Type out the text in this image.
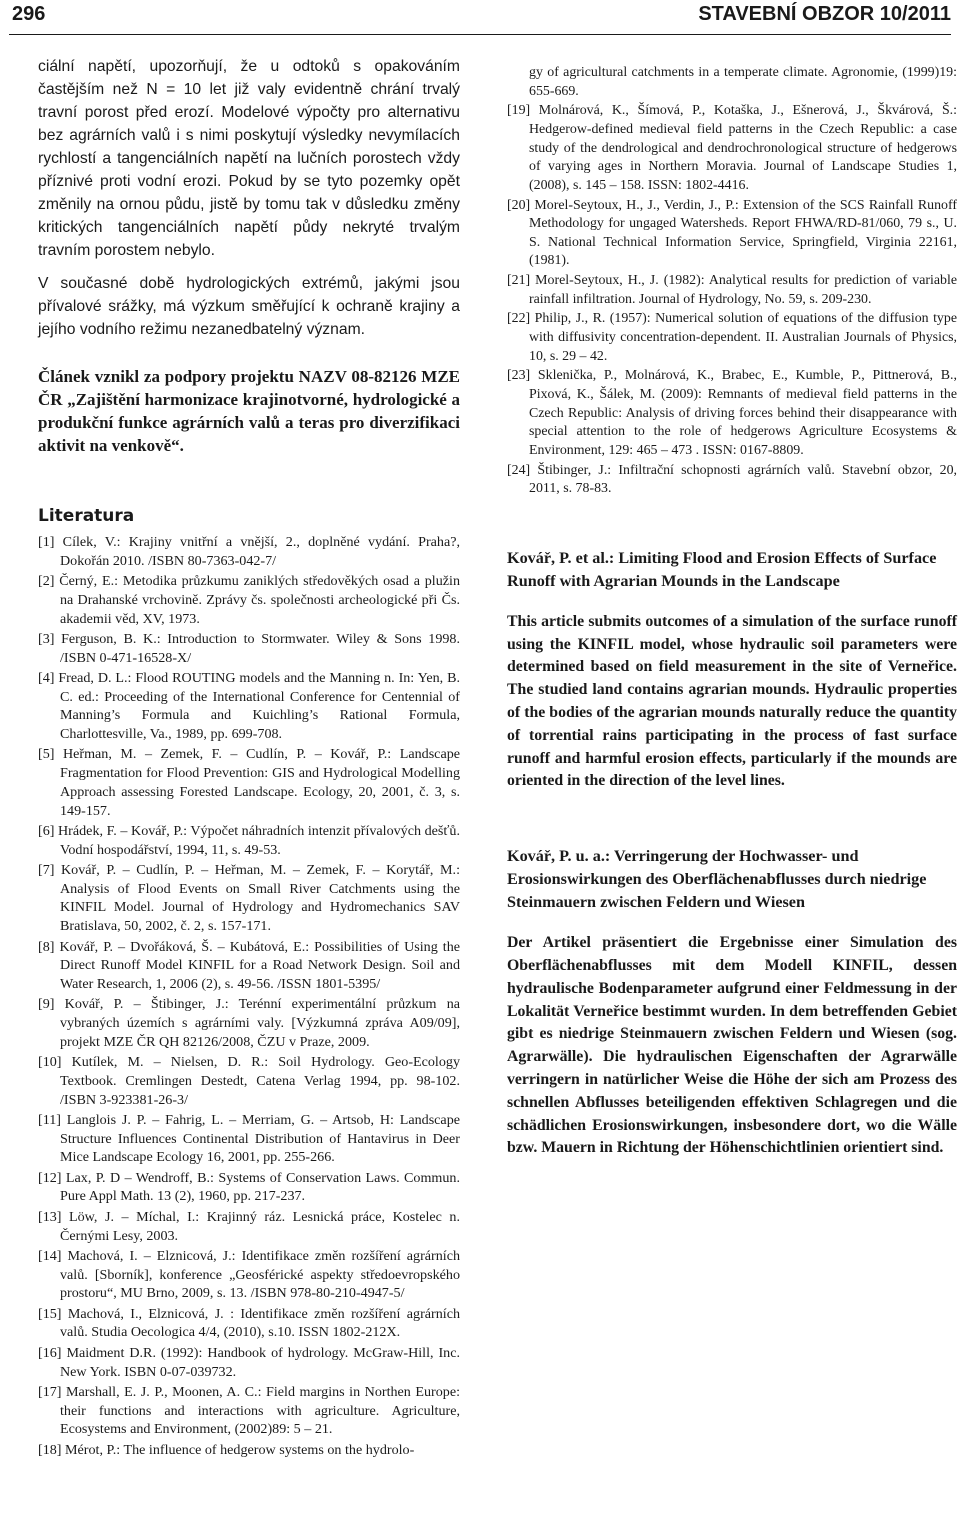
296	STAVEBNÍ OBZOR 10/2011

ciální napětí, upozorňují, že u odtoků s opakováním častějším než N = 10 let již valy evidentně chrání trvalý travní porost před erozí. Modelové výpočty pro alternativu bez agrárních valů i s nimi poskytují výsledky nevymílacích rychlostí a tangenciálních napětí na lučních porostech vždy příznivé proti vodní erozi. Pokud by se tyto pozemky opět změnily na ornou půdu, jistě by tomu tak v důsledku změny kritických tangenciálních napětí půdy nekryté trvalým travním porostem nebylo.

V současné době hydrologických extrémů, jakými jsou přívalové srážky, má výzkum směřující k ochraně krajiny a jejího vodního režimu nezanedbatelný význam.

Článek vznikl za podpory projektu NAZV 08-82126 MZE ČR „Zajištění harmonizace krajinotvorné, hydrologické a produkční funkce agrárních valů a teras pro diverzifikaci aktivit na venkově“.

Literatura
[1] Cílek, V.: Krajiny vnitřní a vnější, 2., doplněné vydání. Praha?, Dokořán 2010. /ISBN 80-7363-042-7/
[2] Černý, E.: Metodika průzkumu zaniklých středověkých osad a plužin na Drahanské vrchovině. Zprávy čs. společnosti archeologické při Čs. akademii věd, XV, 1973.
[3] Ferguson, B. K.: Introduction to Stormwater. Wiley & Sons 1998. /ISBN 0-471-16528-X/
[4] Fread, D. L.: Flood ROUTING models and the Manning n. In: Yen, B. C. ed.: Proceeding of the International Conference for Centennial of Manning’s Formula and Kuichling’s Rational Formula, Charlottesville, Va., 1989, pp. 699-708.
[5] Heřman, M. – Zemek, F. – Cudlín, P. – Kovář, P.: Landscape Fragmentation for Flood Prevention: GIS and Hydrological Modelling Approach assessing Forested Landscape. Ecology, 20, 2001, č. 3, s. 149-157.
[6] Hrádek, F. – Kovář, P.: Výpočet náhradních intenzit přívalových dešťů. Vodní hospodářství, 1994, 11, s. 49-53.
[7] Kovář, P. – Cudlín, P. – Heřman, M. – Zemek, F. – Korytář, M.: Analysis of Flood Events on Small River Catchments using the KINFIL Model. Journal of Hydrology and Hydromechanics SAV Bratislava, 50, 2002, č. 2, s. 157-171.
[8] Kovář, P. – Dvořáková, Š. – Kubátová, E.: Possibilities of Using the Direct Runoff Model KINFIL for a Road Network Design. Soil and Water Research, 1, 2006 (2), s. 49-56. /ISSN 1801-5395/
[9] Kovář, P. – Štibinger, J.: Terénní experimentální průzkum na vybraných územích s agrárními valy. [Výzkumná zpráva A09/09], projekt MZE ČR QH 82126/2008, ČZU v Praze, 2009.
[10] Kutílek, M. – Nielsen, D. R.: Soil Hydrology. Geo-Ecology Textbook. Cremlingen Destedt, Catena Verlag 1994, pp. 98-102. /ISBN 3-923381-26-3/
[11] Langlois J. P. – Fahrig, L. – Merriam, G. – Artsob, H: Landscape Structure Influences Continental Distribution of Hantavirus in Deer Mice Landscape Ecology 16, 2001, pp. 255-266.
[12] Lax, P. D – Wendroff, B.: Systems of Conservation Laws. Commun. Pure Appl Math. 13 (2), 1960, pp. 217-237.
[13] Löw, J. – Míchal, I.: Krajinný ráz. Lesnická práce, Kostelec n. Černými Lesy, 2003.
[14] Machová, I. – Elznicová, J.: Identifikace změn rozšíření agrárních valů. [Sborník], konference „Geosférické aspekty středoevropského prostoru“, MU Brno, 2009, s. 13. /ISBN 978-80-210-4947-5/
[15] Machová, I., Elznicová, J. : Identifikace změn rozšíření agrárních valů. Studia Oecologica 4/4, (2010), s.10. ISSN 1802-212X.
[16] Maidment D.R. (1992): Handbook of hydrology. McGraw-Hill, Inc. New York. ISBN 0-07-039732.
[17] Marshall, E. J. P., Moonen, A. C.: Field margins in Northen Europe: their functions and interactions with agriculture. Agriculture, Ecosystems and Environment, (2002)89: 5 – 21.
[18] Mérot, P.: The influence of hedgerow systems on the hydrolo-
gy of agricultural catchments in a temperate climate. Agronomie, (1999)19: 655-669.
[19] Molnárová, K., Šímová, P., Kotaška, J., Ešnerová, J., Škvárová, Š.: Hedgerow-defined medieval field patterns in the Czech Republic: a case study of the dendrological and dendrochronological structure of hedgerows of varying ages in Northern Moravia. Journal of Landscape Studies 1, (2008), s. 145 – 158. ISSN: 1802-4416.
[20] Morel-Seytoux, H., J., Verdin, J., P.: Extension of the SCS Rainfall Runoff Methodology for ungaged Watersheds. Report FHWA/RD-81/060, 79 s., U. S. National Technical Information Service, Springfield, Virginia 22161, (1981).
[21] Morel-Seytoux, H., J. (1982): Analytical results for prediction of variable rainfall infiltration. Journal of Hydrology, No. 59, s. 209-230.
[22] Philip, J., R. (1957): Numerical solution of equations of the diffusion type with diffusivity concentration-dependent. II. Australian Journals of Physics, 10, s. 29 – 42.
[23] Sklenička, P., Molnárová, K., Brabec, E., Kumble, P., Pittnerová, B., Pixová, K., Šálek, M. (2009): Remnants of medieval field patterns in the Czech Republic: Analysis of driving forces behind their disappearance with special attention to the role of hedgerows Agriculture Ecosystems & Environment, 129: 465 – 473 . ISSN: 0167-8809.
[24] Štibinger, J.: Infiltrační schopnosti agrárních valů. Stavební obzor, 20, 2011, s. 78-83.

Kovář, P. et al.: Limiting Flood and Erosion Effects of Surface Runoff with Agrarian Mounds in the Landscape

This article submits outcomes of a simulation of the surface runoff using the KINFIL model, whose hydraulic soil parameters were determined based on field measurement in the site of Verneřice. The studied land contains agrarian mounds. Hydraulic properties of the bodies of the agrarian mounds naturally reduce the quantity of torrential rains participating in the process of fast surface runoff and harmful erosion effects, particularly if the mounds are oriented in the direction of the level lines.

Kovář, P. u. a.: Verringerung der Hochwasser- und Erosionswirkungen des Oberflächenabflusses durch niedrige Steinmauern zwischen Feldern und Wiesen

Der Artikel präsentiert die Ergebnisse einer Simulation des Oberflächenabflusses mit dem Modell KINFIL, dessen hydraulische Bodenparameter aufgrund einer Feldmessung in der Lokalität Verneřice bestimmt wurden. In dem betreffenden Gebiet gibt es niedrige Steinmauern zwischen Feldern und Wiesen (sog. Agrarwälle). Die hydraulischen Eigenschaften der Agrarwälle verringern in natürlicher Weise die Höhe der sich am Prozess des schnellen Abflusses beteiligenden effektiven Schlagregen und die schädlichen Erosionswirkungen, insbesondere dort, wo die Wälle bzw. Mauern in Richtung der Höhenschichtlinien orientiert sind.
